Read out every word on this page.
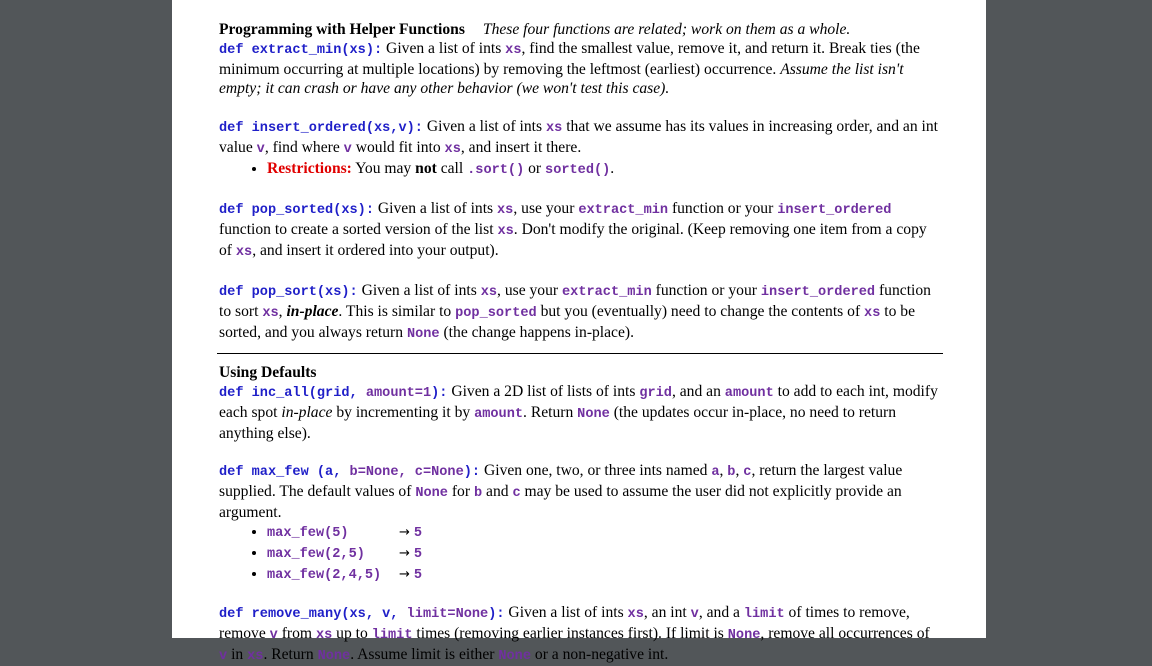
Programming with Helper Functions These four functions are related; work on them as a whole.
def extract_min(xs): Given a list of ints xs, find the smallest value, remove it, and return it. Break ties (the minimum occurring at multiple locations) by removing the leftmost (earliest) occurrence. Assume the list isn't empty; it can crash or have any other behavior (we won't test this case).

def insert_ordered(xs,v): Given a list of ints xs that we assume has its values in increasing order, and an int value v, find where v would fit into xs, and insert it there.

• Restrictions: You may not call .sort() or sorted().

def pop_sorted(xs): Given a list of ints xs, use your extract_min function or your insert_ordered function to create a sorted version of the list xs. Don't modify the original. (Keep removing one item from a copy of xs, and insert it ordered into your output).

def pop_sort(xs): Given a list of ints xs, use your extract_min function or your insert_ordered function to sort xs, in-place. This is similar to pop_sorted but you (eventually) need to change the contents of xs to be sorted, and you always return None (the change happens in-place).

Using Defaults
def inc_all(grid, amount=1): Given a 2D list of lists of ints grid, and an amount to add to each int, modify each spot in-place by incrementing it by amount. Return None (the updates occur in-place, no need to return anything else).

def max_few (a, b=None, c=None): Given one, two, or three ints named a, b, c, return the largest value supplied. The default values of None for b and c may be used to assume the user did not explicitly provide an argument.

• max_few(5)	→ 5
• max_few(2,5)	→ 5
• max_few(2,4,5) → 5

def remove_many(xs, v, limit=None): Given a list of ints xs, an int v, and a limit of times to remove, remove v from xs up to limit times (removing earlier instances first). If limit is None, remove all occurrences of v in xs. Return None. Assume limit is either None or a non-negative int.
